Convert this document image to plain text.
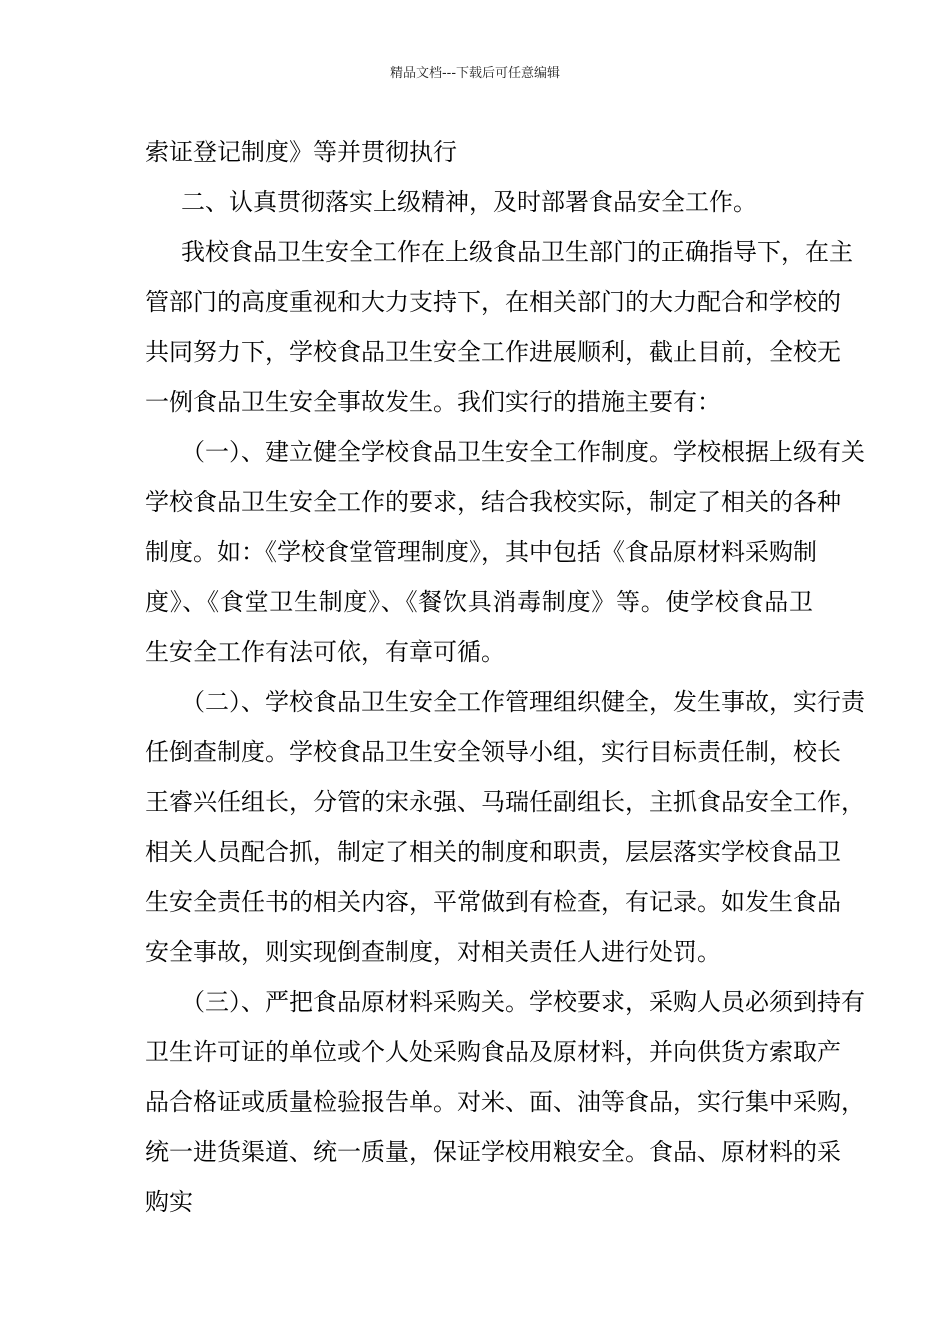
精品文档---下载后可任意编辑
索证登记制度》等并贯彻执行
二、认真贯彻落实上级精神，及时部署食品安全工作。
我校食品卫生安全工作在上级食品卫生部门的正确指导下，在主
管部门的高度重视和大力支持下，在相关部门的大力配合和学校的
共同努力下，学校食品卫生安全工作进展顺利，截止目前，全校无
一例食品卫生安全事故发生。我们实行的措施主要有：
（一）、建立健全学校食品卫生安全工作制度。学校根据上级有关
学校食品卫生安全工作的要求，结合我校实际，制定了相关的各种
制度。如：《学校食堂管理制度》，其中包括《食品原材料采购制
度》、《食堂卫生制度》、《餐饮具消毒制度》等。使学校食品卫
生安全工作有法可依，有章可循。
（二）、学校食品卫生安全工作管理组织健全，发生事故，实行责
任倒查制度。学校食品卫生安全领导小组，实行目标责任制，校长
王睿兴任组长，分管的宋永强、马瑞任副组长，主抓食品安全工作，
相关人员配合抓，制定了相关的制度和职责，层层落实学校食品卫
生安全责任书的相关内容，平常做到有检查，有记录。如发生食品
安全事故，则实现倒查制度，对相关责任人进行处罚。
（三）、严把食品原材料采购关。学校要求，采购人员必须到持有
卫生许可证的单位或个人处采购食品及原材料，并向供货方索取产
品合格证或质量检验报告单。对米、面、油等食品，实行集中采购，
统一进货渠道、统一质量，保证学校用粮安全。食品、原材料的采
购实
